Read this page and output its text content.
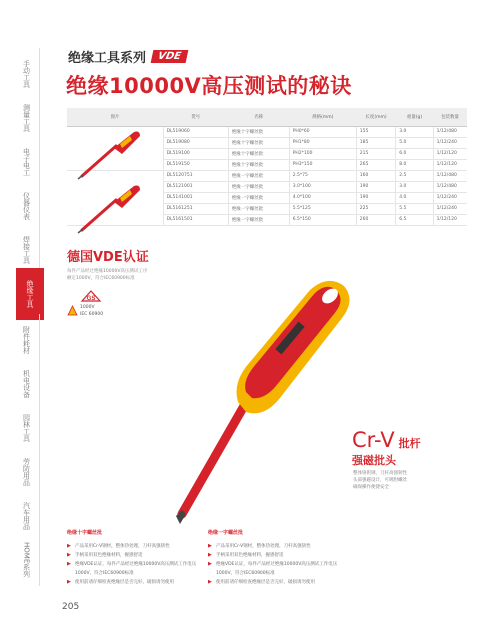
手动工具
测量工具
电子电工
仪器仪表
焊接工具
绝缘工具
附件耗材
机电设备
园林工具
劳防用品
汽车用品
HOME系列
绝缘工具系列	VDE
绝缘10000V高压测试的秘诀
图片	货号	名称	规格(mm)	长度(mm)	重量(g)	包装数量
	DL519060	绝缘十字螺丝批	PH0*60	155	3.0	1/12/480
	DL519080	绝缘十字螺丝批	PH1*80	185	5.0	1/12/240
	DL519100	绝缘十字螺丝批	PH2*100	215	6.0	1/12/120
	DL519150	绝缘十字螺丝批	PH3*150	265	8.0	1/12/120
	DL5120751	绝缘一字螺丝批	2.5*75	160	2.5	1/12/480
	DL5121001	绝缘一字螺丝批	3.0*100	190	3.0	1/12/480
	DL5141001	绝缘一字螺丝批	4.0*100	190	4.0	1/12/240
	DL5161251	绝缘一字螺丝批	5.5*125	225	5.5	1/12/240
	DL5161501	绝缘一字螺丝批	6.5*150	260	6.5	1/12/120
德国VDE认证
每件产品经过绝缘10000V高压测试工序
额定1000V，符合IEC60900标准
GS
1000V
IEC 60900
Cr-V 批杆
强磁批头
整体铬钒钢，刀杆高强韧性
头部强磁设计，可吸附螺丝
确保操作便捷安全
绝缘十字螺丝批
▶ 产品采用Cr-V钢材，整体热处理，刀杆高强韧性
▶ 手柄采用双色绝缘材料，握感舒适
▶ 绝缘VDE认证，每件产品经过绝缘10000V高压测试工作电压1000V，符合IEC60900标准
▶ 使用前请仔细检查绝缘层是否完好，破损请勿使用
绝缘一字螺丝批
▶ 产品采用Cr-V钢材，整体热处理，刀杆高强韧性
▶ 手柄采用双色绝缘材料，握感舒适
▶ 绝缘VDE认证，每件产品经过绝缘10000V高压测试工作电压1000V，符合IEC60900标准
▶ 使用前请仔细检查绝缘层是否完好，破损请勿使用
205
